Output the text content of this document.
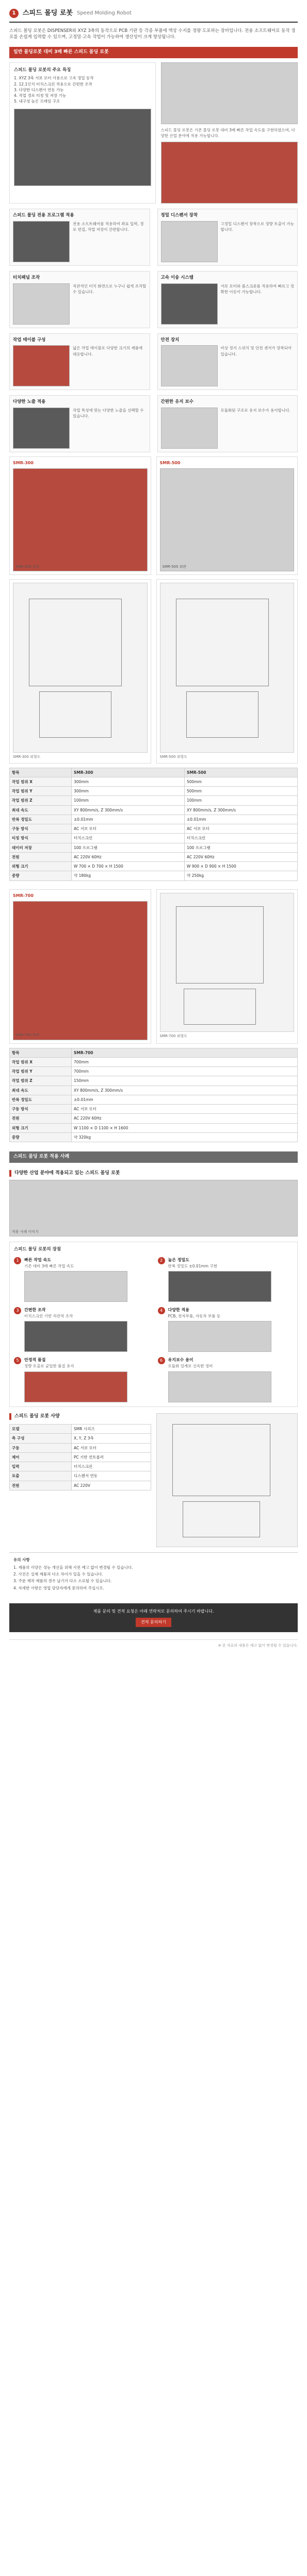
1	스피드 몰딩 로봇 Speed Molding Robot

스피드 몰딩 로봇은 DISPENSER와 XYZ 3축의 동작으로 PCB 기판 등 각종 부품에 액상 수지를 정량 도포하는 장비입니다. 전용 소프트웨어로 동작 경로를 손쉽게 입력할 수 있으며, 고정밀·고속 작업이 가능하여 생산성이 크게 향상됩니다.

일반 몰딩로봇 대비 3배 빠른 스피드 몰딩 로봇
스피드 몰딩 로봇의 주요 특징
1. XYZ 3축 서보 모터 사용으로 고속 정밀 동작
2. 12.1인치 터치스크린 적용으로 간편한 조작
3. 다양한 디스펜서 연동 가능
4. 작업 경로 티칭 및 저장 기능
5. 내구성 높은 프레임 구조

스피드 몰딩 로봇은 기존 몰딩 로봇 대비 3배 빠른 작업 속도를 구현하였으며, 다양한 산업 분야에 적용 가능합니다.

스피드 몰딩 전용 프로그램 적용
전용 소프트웨어를 적용하여 좌표 입력, 경로 편집, 작업 저장이 간편합니다.
정밀 디스펜서 장착
고정밀 디스펜서 장착으로 정량 토출이 가능합니다.
터치패널 조작
직관적인 터치 화면으로 누구나 쉽게 조작할 수 있습니다.
고속 이송 시스템
서보 모터와 볼스크류를 적용하여 빠르고 정확한 이송이 가능합니다.
작업 테이블 구성
넓은 작업 테이블로 다양한 크기의 제품에 대응합니다.
안전 장치
비상 정지 스위치 및 안전 센서가 장착되어 있습니다.
다양한 노즐 적용
작업 특성에 맞는 다양한 노즐을 선택할 수 있습니다.
간편한 유지 보수
모듈화된 구조로 유지 보수가 용이합니다.
SMR-300
SMR-300 외관
SMR-500
SMR-500 외관
SMR-300 외형도	SMR-500 외형도
항목	SMR-300	SMR-500
작업 범위 X	300mm	500mm
작업 범위 Y	300mm	500mm
작업 범위 Z	100mm	100mm
최대 속도	XY 800mm/s, Z 300mm/s	XY 800mm/s, Z 300mm/s
반복 정밀도	±0.01mm	±0.01mm
구동 방식	AC 서보 모터	AC 서보 모터
티칭 방식	터치스크린	터치스크린
데이터 저장	100 프로그램	100 프로그램
전원	AC 220V 60Hz	AC 220V 60Hz
외형 크기	W 700 × D 700 × H 1500	W 900 × D 900 × H 1500
중량	약 180kg	약 250kg
SMR-700
SMR-700 외관	SMR-700 외형도
항목	SMR-700
작업 범위 X	700mm
작업 범위 Y	700mm
작업 범위 Z	150mm
최대 속도	XY 800mm/s, Z 300mm/s
반복 정밀도	±0.01mm
구동 방식	AC 서보 모터
전원	AC 220V 60Hz
외형 크기	W 1100 × D 1100 × H 1600
중량	약 320kg
스피드 몰딩 로봇 적용 사례
다양한 산업 분야에 적용되고 있는 스피드 몰딩 로봇
적용 사례 이미지
스피드 몰딩 로봇의 장점
1	빠른 작업 속도
기존 대비 3배 빠른 작업 속도
2	높은 정밀도
반복 정밀도 ±0.01mm 구현
3	간편한 조작
터치스크린 기반 직관적 조작
4	다양한 적용
PCB, 전자부품, 자동차 부품 등
5	안정적 품질
정량 토출로 균일한 품질 유지
6	유지보수 용이
모듈화 설계로 신속한 정비
스피드 몰딩 로봇 사양
모델	SMR 시리즈
축 구성	X, Y, Z 3축
구동	AC 서보 모터
제어	PC 기반 컨트롤러
입력	터치스크린
토출	디스펜서 연동
전원	AC 220V
유의 사항
1. 제품의 사양은 성능 개선을 위해 사전 예고 없이 변경될 수 있습니다.
2. 사진은 실제 제품과 다소 차이가 있을 수 있습니다.
3. 주문 제작 제품의 경우 납기가 다소 소요될 수 있습니다.
4. 자세한 사항은 영업 담당자에게 문의하여 주십시오.
제품 문의 및 견적 요청은 아래 연락처로 문의하여 주시기 바랍니다.
견적 문의하기
※ 본 자료의 내용은 예고 없이 변경될 수 있습니다.
